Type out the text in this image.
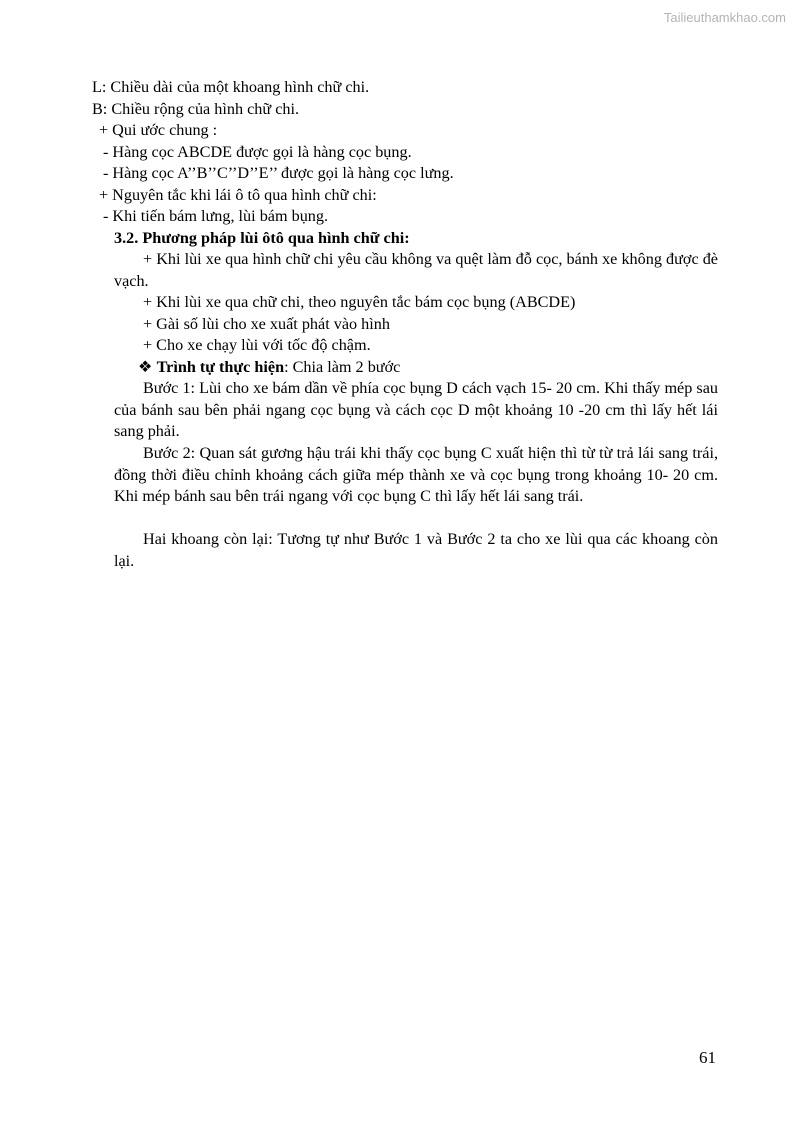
Tailieuthamkhao.com
L: Chiều dài của một khoang hình chữ chi.
B: Chiều rộng của hình chữ chi.
+ Qui ước chung :
- Hàng cọc ABCDE được gọi là hàng cọc bụng.
- Hàng cọc A’’B’’C’’D’’E’’ được gọi là hàng cọc lưng.
+ Nguyên tắc khi lái ô tô qua hình chữ chi:
- Khi tiến bám lưng, lùi bám bụng.
3.2. Phương pháp lùi ôtô qua hình chữ chi:
+ Khi lùi xe qua hình chữ chi yêu cầu không va quệt làm đỗ cọc, bánh xe không được đè vạch.
+ Khi lùi xe qua chữ chi, theo nguyên tắc bám cọc bụng (ABCDE)
+ Gài số lùi cho xe xuất phát vào hình
+ Cho xe chạy lùi với tốc độ chậm.
❖ Trình tự thực hiện: Chia làm 2 bước
Bước 1: Lùi cho xe bám dần về phía cọc bụng D cách vạch 15- 20 cm. Khi thấy mép sau của bánh sau bên phải ngang cọc bụng và cách cọc D một khoảng 10 -20 cm thì lấy hết lái sang phải.
Bước 2: Quan sát gương hậu trái khi thấy cọc bụng C xuất hiện thì từ từ trả lái sang trái, đồng thời điều chỉnh khoảng cách giữa mép thành xe và cọc bụng trong khoảng 10- 20 cm. Khi mép bánh sau bên trái ngang với cọc bụng C thì lấy hết lái sang trái.
Hai khoang còn lại: Tương tự như Bước 1 và Bước 2 ta cho xe lùi qua các khoang còn lại.
61
